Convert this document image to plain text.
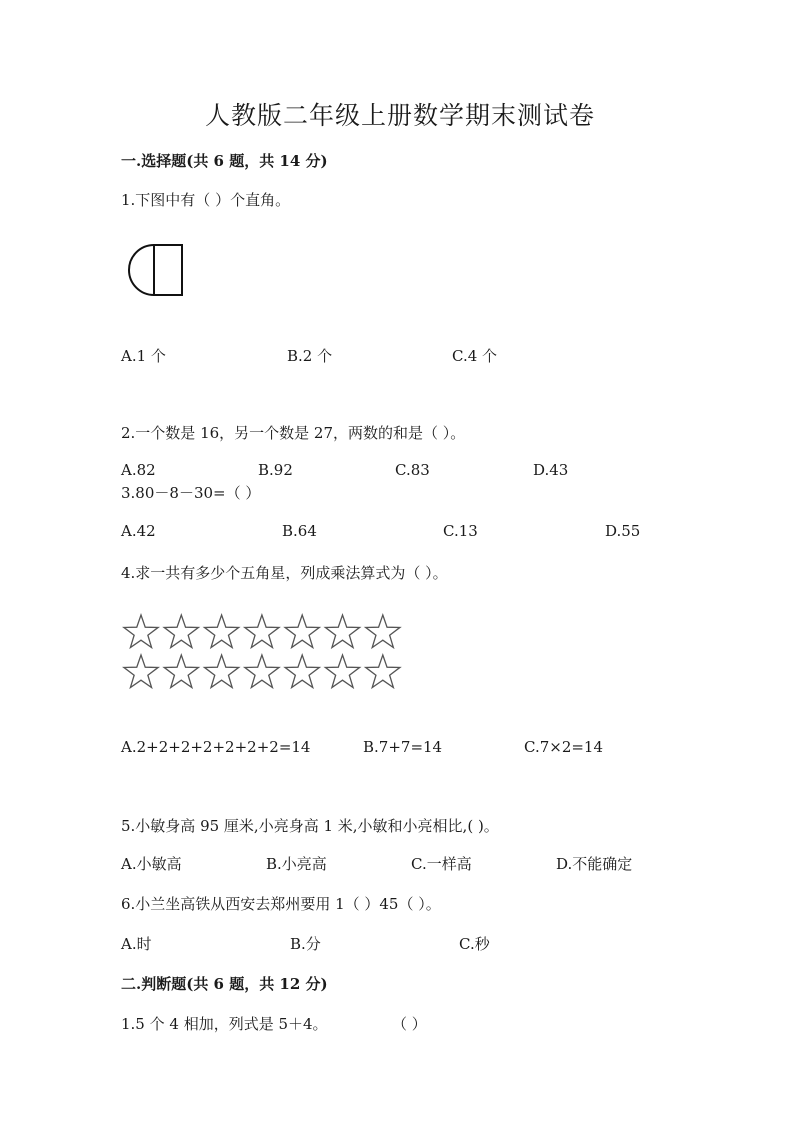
人教版二年级上册数学期末测试卷
一.选择题(共 6 题，共 14 分)
1.下图中有（ ）个直角。
A.1 个	B.2 个	C.4 个
2.一个数是 16，另一个数是 27，两数的和是（ ）。
A.82	B.92	C.83	D.43
3.80－8－30=（ ）
A.42	B.64	C.13	D.55
4.求一共有多少个五角星，列成乘法算式为（ ）。
A.2+2+2+2+2+2+2=14	B.7+7=14	C.7×2=14
5.小敏身高 95 厘米,小亮身高 1 米,小敏和小亮相比,( )。
A.小敏高	B.小亮高	C.一样高	D.不能确定
6.小兰坐高铁从西安去郑州要用 1（ ）45（ ）。
A.时	B.分	C.秒
二.判断题(共 6 题，共 12 分)
1.5 个 4 相加，列式是 5＋4。	（ ）
